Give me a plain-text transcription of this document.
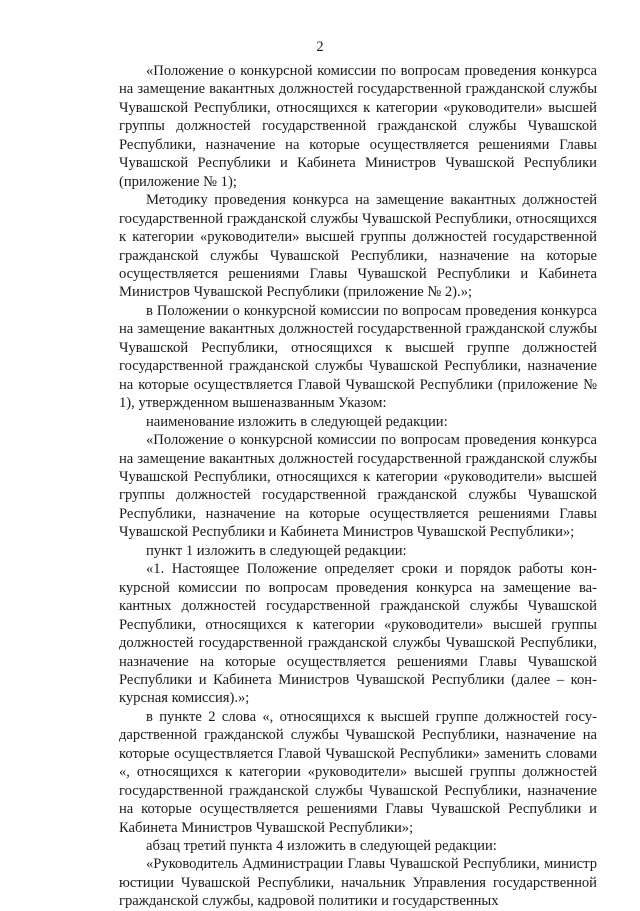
2

«Положение о конкурсной комиссии по вопросам проведения конкурса на замещение вакантных должностей государственной гражданской службы Чувашской Республики, относящихся к категории «руководители» высшей группы должностей государственной гражданской службы Чувашской Республики, назначение на которые осуществляется решениями Главы Чувашской Республики и Кабинета Министров Чувашской Республики (приложение № 1);

Методику проведения конкурса на замещение вакантных должностей государственной гражданской службы Чувашской Республики, относящихся к категории «руководители» высшей группы должностей государственной гражданской службы Чувашской Республики, назначение на которые осуществляется решениями Главы Чувашской Республики и Кабинета Министров Чувашской Республики (приложение № 2).»;

в Положении о конкурсной комиссии по вопросам проведения конкурса на замещение вакантных должностей государственной гражданской службы Чувашской Республики, относящихся к высшей группе должностей государственной гражданской службы Чувашской Республики, назначение на которые осуществляется Главой Чувашской Республики (приложение № 1), утвержденном вышеназванным Указом:

наименование изложить в следующей редакции:

«Положение о конкурсной комиссии по вопросам проведения конкурса на замещение вакантных должностей государственной гражданской службы Чувашской Республики, относящихся к категории «руководители» высшей группы должностей государственной гражданской службы Чувашской Республики, назначение на которые осуществляется решениями Главы Чувашской Республики и Кабинета Министров Чувашской Республики»;

пункт 1 изложить в следующей редакции:

«1. Настоящее Положение определяет сроки и порядок работы конкурсной комиссии по вопросам проведения конкурса на замещение вакантных должностей государственной гражданской службы Чувашской Республики, относящихся к категории «руководители» высшей группы должностей государственной гражданской службы Чувашской Республики, назначение на которые осуществляется решениями Главы Чувашской Республики и Кабинета Министров Чувашской Республики (далее – конкурсная комиссия).»;

в пункте 2 слова «, относящихся к высшей группе должностей государственной гражданской службы Чувашской Республики, назначение на которые осуществляется Главой Чувашской Республики» заменить словами «, относящихся к категории «руководители» высшей группы должностей государственной гражданской службы Чувашской Республики, назначение на которые осуществляется решениями Главы Чувашской Республики и Кабинета Министров Чувашской Республики»;

абзац третий пункта 4 изложить в следующей редакции:

«Руководитель Администрации Главы Чувашской Республики, министр юстиции Чувашской Республики, начальник Управления государственной гражданской службы, кадровой политики и государственных
